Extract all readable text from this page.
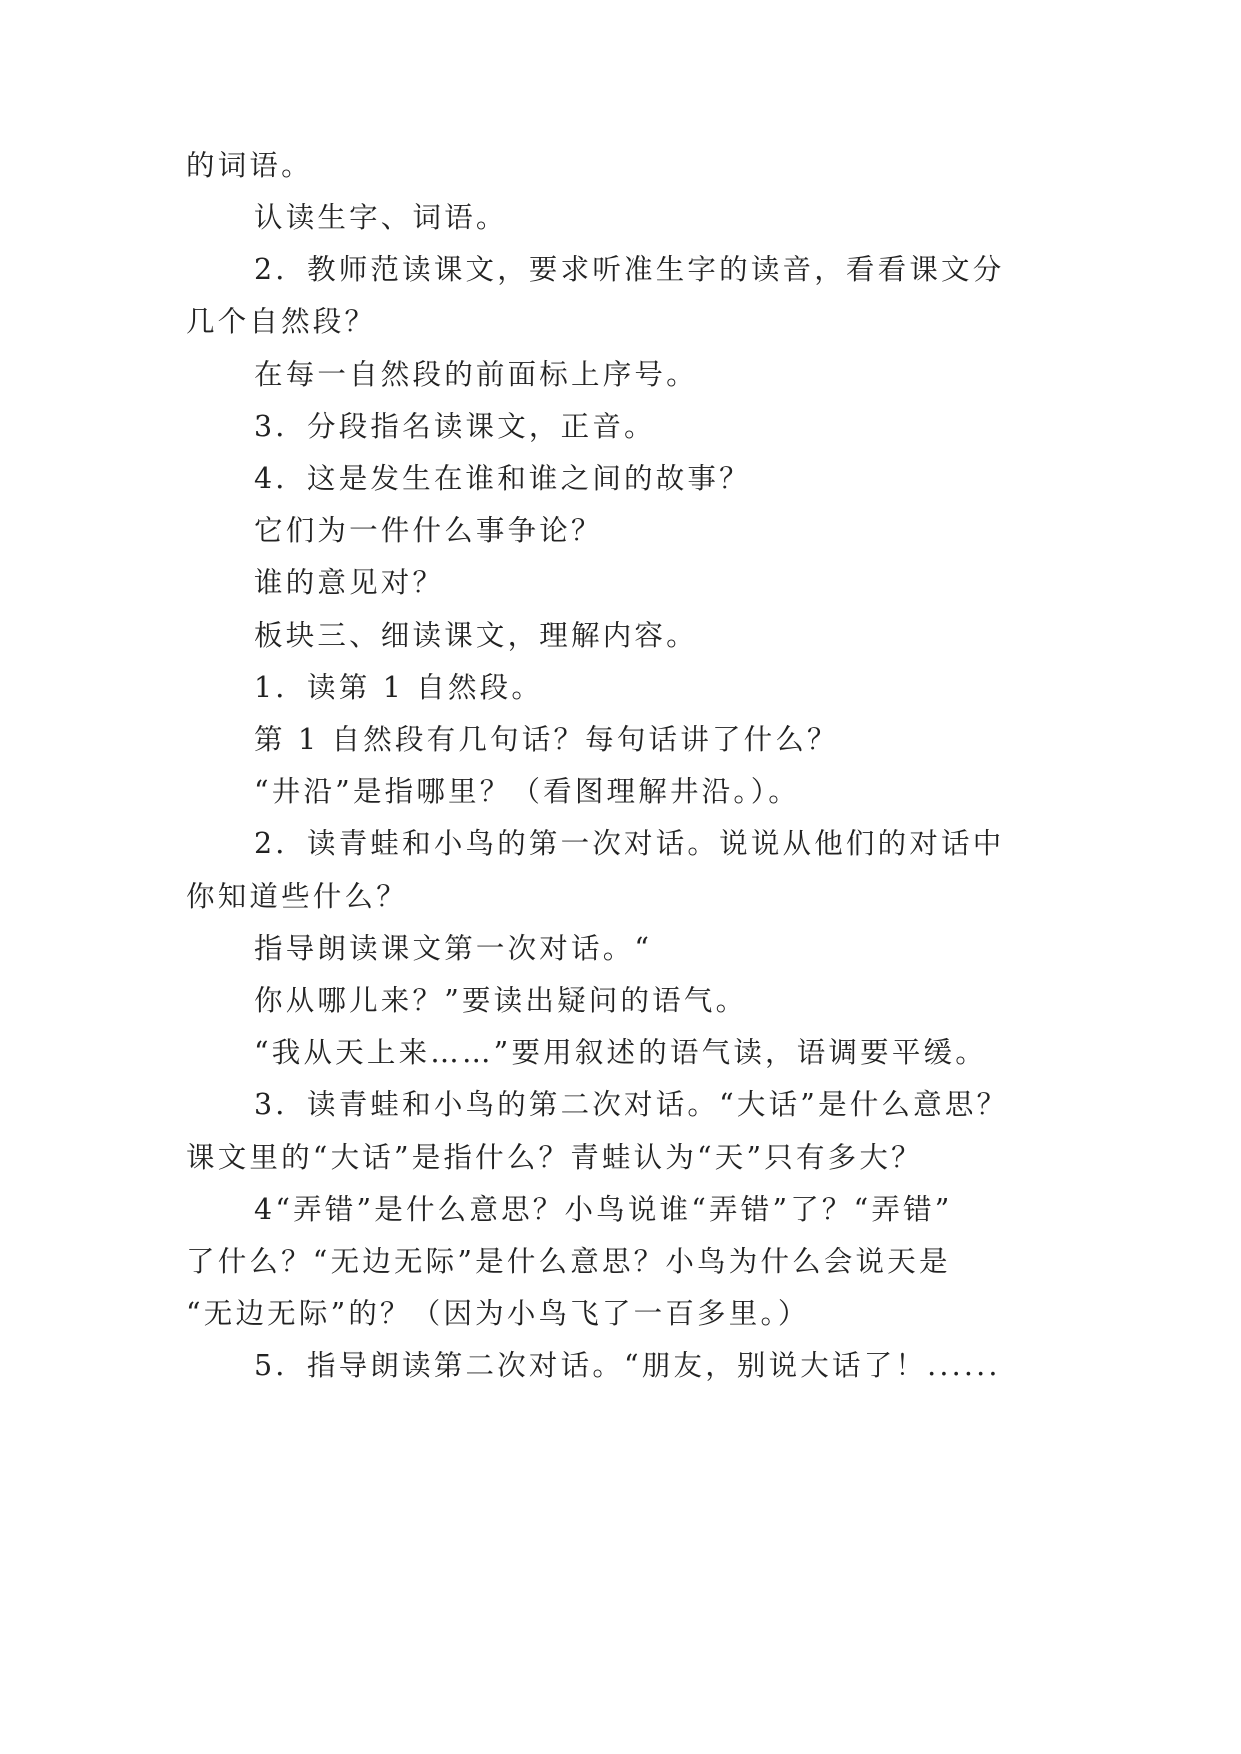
的词语。
认读生字、词语。
2．教师范读课文，要求听准生字的读音，看看课文分
几个自然段？
在每一自然段的前面标上序号。
3．分段指名读课文，正音。
4．这是发生在谁和谁之间的故事？
它们为一件什么事争论？
谁的意见对？
板块三、细读课文，理解内容。
1．读第 1 自然段。
第 1 自然段有几句话？每句话讲了什么？
“井沿”是指哪里？（看图理解井沿。）。
2．读青蛙和小鸟的第一次对话。说说从他们的对话中
你知道些什么？
指导朗读课文第一次对话。“
你从哪儿来？”要读出疑问的语气。
“我从天上来……”要用叙述的语气读，语调要平缓。
3．读青蛙和小鸟的第二次对话。“大话”是什么意思？
课文里的“大话”是指什么？青蛙认为“天”只有多大？
4“弄错”是什么意思？小鸟说谁“弄错”了？“弄错”
了什么？“无边无际”是什么意思？小鸟为什么会说天是
“无边无际”的？（因为小鸟飞了一百多里。）
5．指导朗读第二次对话。“朋友，别说大话了！......
